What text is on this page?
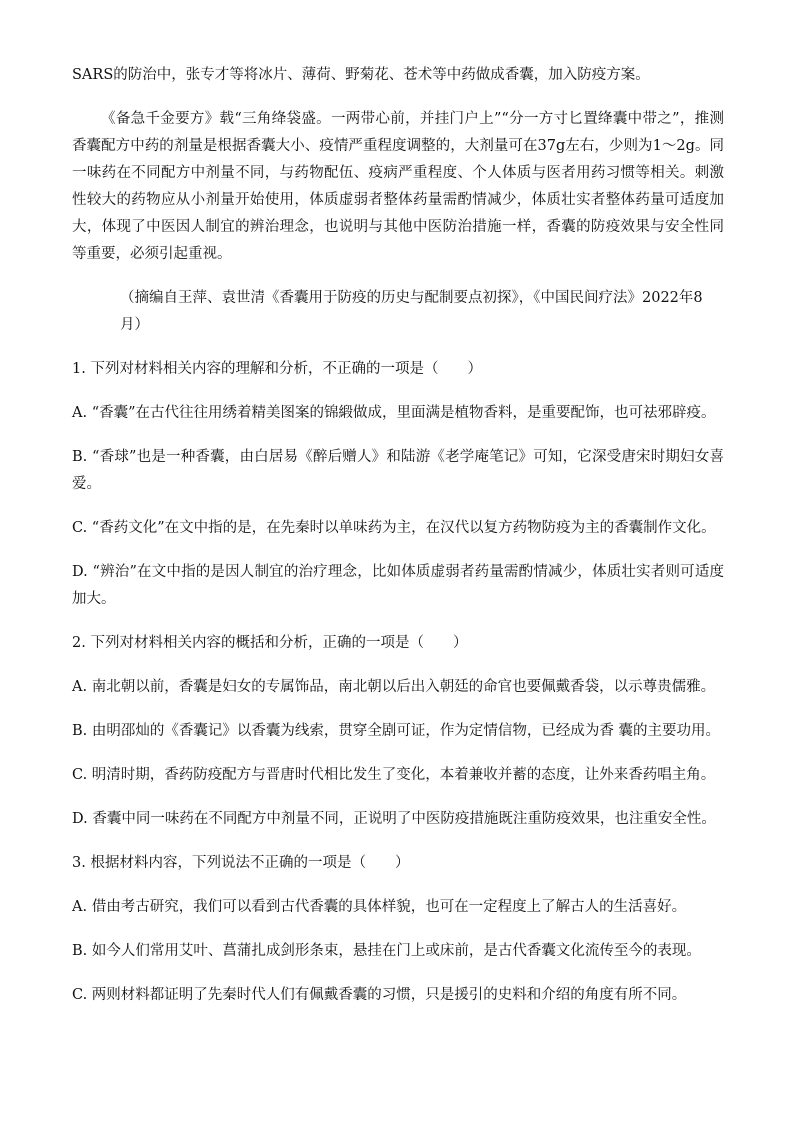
SARS的防治中，张专才等将冰片、薄荷、野菊花、苍术等中药做成香囊，加入防疫方案。

《备急千金要方》载“三角绛袋盛。一两带心前，并挂门户上”“分一方寸匕置绛囊中带之”，推测香囊配方中药的剂量是根据香囊大小、疫情严重程度调整的，大剂量可在37g左右，少则为1～2g。同一味药在不同配方中剂量不同，与药物配伍、疫病严重程度、个人体质与医者用药习惯等相关。刺激性较大的药物应从小剂量开始使用，体质虚弱者整体药量需酌情减少，体质壮实者整体药量可适度加大，体现了中医因人制宜的辨治理念，也说明与其他中医防治措施一样，香囊的防疫效果与安全性同等重要，必须引起重视。

（摘编自王萍、袁世清《香囊用于防疫的历史与配制要点初探》，《中国民间疗法》2022年8月）

1. 下列对材料相关内容的理解和分析，不正确的一项是（　　）

A. “香囊”在古代往往用绣着精美图案的锦緞做成，里面满是植物香料，是重要配饰，也可祛邪辟疫。

B. “香球”也是一种香囊，由白居易《醉后赠人》和陆游《老学庵笔记》可知，它深受唐宋时期妇女喜爱。

C. “香药文化”在文中指的是，在先秦时以单味药为主，在汉代以复方药物防疫为主的香囊制作文化。

D. “辨治”在文中指的是因人制宜的治疗理念，比如体质虚弱者药量需酌情减少，体质壮实者则可适度加大。

2. 下列对材料相关内容的概括和分析，正确的一项是（　　）

A. 南北朝以前，香囊是妇女的专属饰品，南北朝以后出入朝廷的命官也要佩戴香袋，以示尊贵儒雅。

B. 由明邵灿的《香囊记》以香囊为线索，贯穿全剧可证，作为定情信物，已经成为香 囊的主要功用。

C. 明清时期，香药防疫配方与晋唐时代相比发生了变化，本着兼收并蓄的态度，让外来香药唱主角。

D. 香囊中同一味药在不同配方中剂量不同，正说明了中医防疫措施既注重防疫效果，也注重安全性。

3. 根据材料内容，下列说法不正确的一项是（　　）

A. 借由考古研究，我们可以看到古代香囊的具体样貌，也可在一定程度上了解古人的生活喜好。

B. 如今人们常用艾叶、菖蒲扎成剑形条束，悬挂在门上或床前，是古代香囊文化流传至今的表现。

C. 两则材料都证明了先秦时代人们有佩戴香囊的习惯，只是援引的史料和介绍的角度有所不同。
